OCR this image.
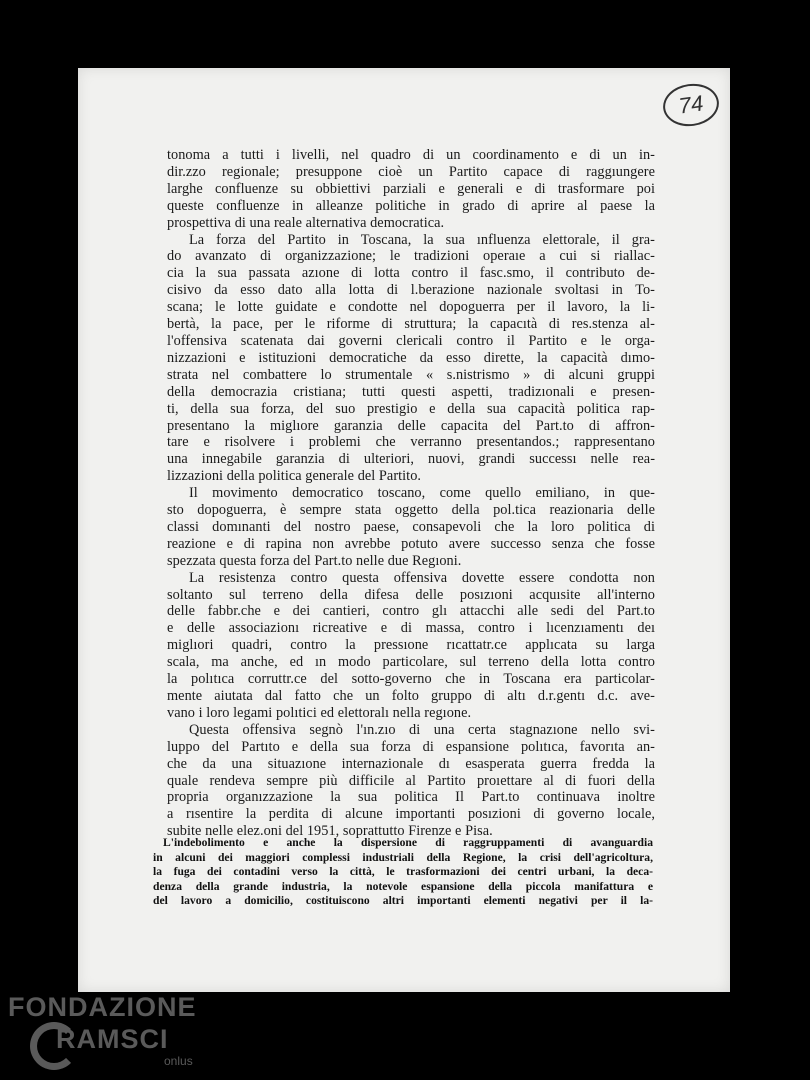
74
tonoma a tutti i livelli, nel quadro di un coordinamento e di un in-
dir.zzo regionale; presuppone cioè un Partito capace di raggıungere
larghe confluenze su obbiettivi parziali e generali e di trasformare poi
queste confluenze in alleanze politiche in grado di aprire al paese la
prospettiva di una reale alternativa democratica.
La forza del Partito in Toscana, la sua ınfluenza elettorale, il gra-
do avanzato di organizzazione; le tradizioni operaıe a cui si riallac-
cia la sua passata azıone di lotta contro il fasc.smo, il contributo de-
cisivo da esso dato alla lotta di l.berazione nazionale svoltasi in To-
scana; le lotte guidate e condotte nel dopoguerra per il lavoro, la li-
bertà, la pace, per le riforme di struttura; la capacıtà di res.stenza al-
l'offensiva scatenata dai governi clericali contro il Partito e le orga-
nizzazioni e istituzioni democratiche da esso dirette, la capacità dımo-
strata nel combattere lo strumentale « s.nistrismo » di alcuni gruppi
della democrazia cristiana; tutti questi aspetti, tradizıonali e presen-
ti, della sua forza, del suo prestigio e della sua capacità politica rap-
presentano la miglıore garanzia delle capacita del Part.to di affron-
tare e risolvere i problemi che verranno presentandos.; rappresentano
una innegabile garanzia di ulteriori, nuovi, grandi successı nelle rea-
lizzazioni della politica generale del Partito.
Il movimento democratico toscano, come quello emiliano, in que-
sto dopoguerra, è sempre stata oggetto della pol.tica reazionaria delle
classi domınanti del nostro paese, consapevoli che la loro politica di
reazione e di rapina non avrebbe potuto avere successo senza che fosse
spezzata questa forza del Part.to nelle due Regıoni.
La resistenza contro questa offensiva dovette essere condotta non
soltanto sul terreno della difesa delle posızıoni acquısite all'interno
delle fabbr.che e dei cantieri, contro glı attacchi alle sedi del Part.to
e delle associazionı ricreative e di massa, contro i lıcenzıamentı deı
miglıori quadri, contro la pressıone rıcattatr.ce applıcata su larga
scala, ma anche, ed ın modo particolare, sul terreno della lotta contro
la polıtıca corruttr.ce del sotto-governo che in Toscana era particolar-
mente aiutata dal fatto che un folto gruppo di altı d.r.gentı d.c. ave-
vano i loro legami polıtici ed elettoralı nella regıone.
Questa offensiva segnò l'ın.zıo di una certa stagnazıone nello svi-
luppo del Partıto e della sua forza di espansione polıtıca, favorıta an-
che da una situazıone internazionale dı esasperata guerra fredda la
quale rendeva sempre più difficile al Partito proıettare al di fuori della
propria organızzazione la sua politica Il Part.to continuava inoltre
a rısentire la perdita di alcune importanti posızioni di governo locale,
subite nelle elez.oni del 1951, soprattutto Firenze e Pisa.
L'indebolimento e anche la dispersione di raggruppamenti di avanguardia
in alcuni dei maggiori complessi industriali della Regione, la crisi dell'agricoltura,
la fuga dei contadini verso la città, le trasformazioni dei centri urbani, la deca-
denza della grande industria, la notevole espansione della piccola manifattura e
del lavoro a domicilio, costituiscono altri importanti elementi negativi per il la-
FONDAZIONE
RAMSCI
onlus
